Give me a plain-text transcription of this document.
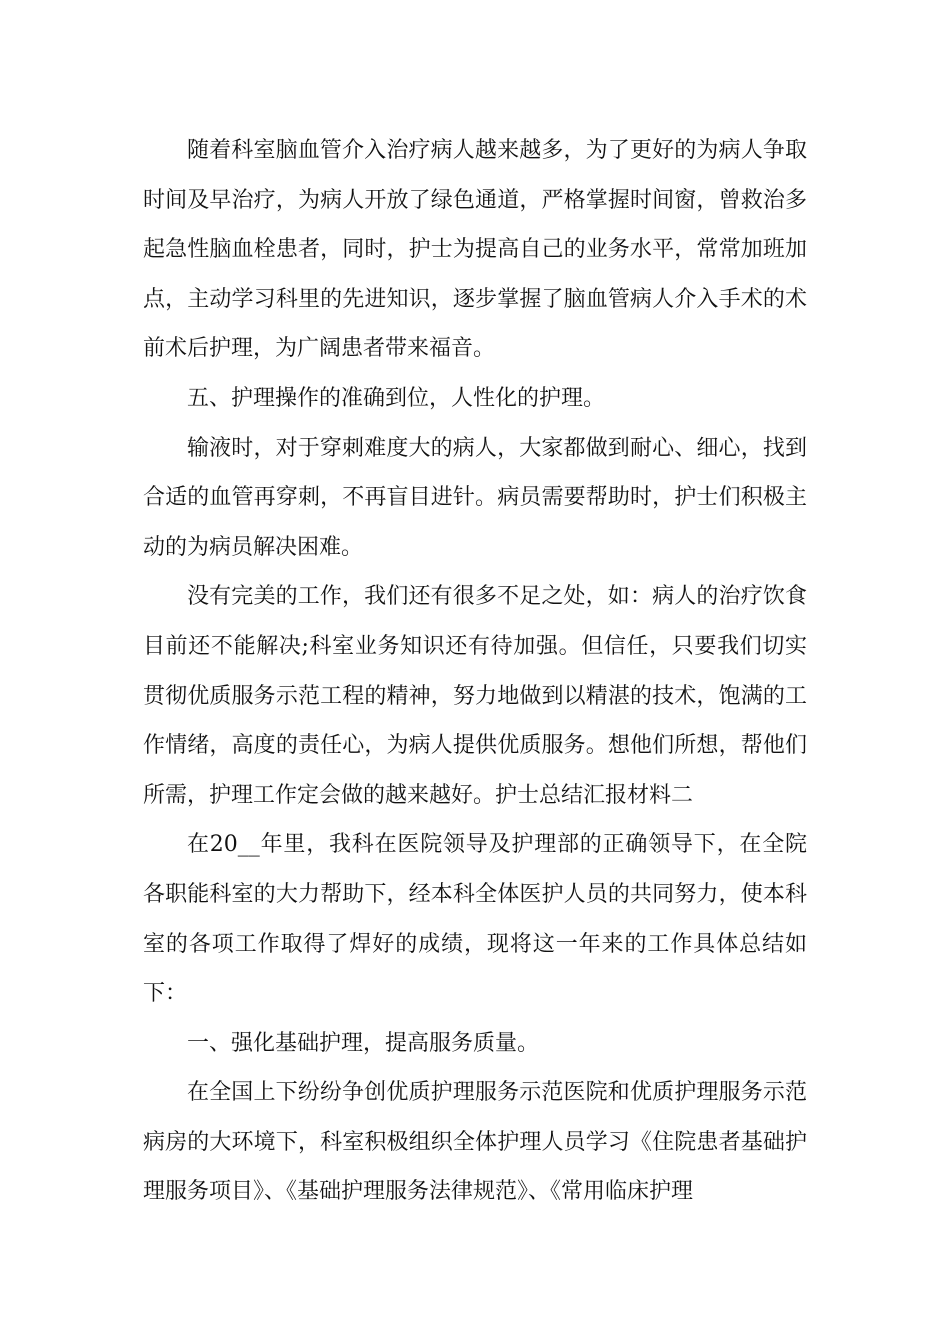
随着科室脑血管介入治疗病人越来越多，为了更好的为病人争取时间及早治疗，为病人开放了绿色通道，严格掌握时间窗，曾救治多起急性脑血栓患者，同时，护士为提高自己的业务水平，常常加班加点，主动学习科里的先进知识，逐步掌握了脑血管病人介入手术的术前术后护理，为广阔患者带来福音。

五、护理操作的准确到位，人性化的护理。

输液时，对于穿刺难度大的病人，大家都做到耐心、细心，找到合适的血管再穿刺，不再盲目进针。病员需要帮助时，护士们积极主动的为病员解决困难。

没有完美的工作，我们还有很多不足之处，如：病人的治疗饮食目前还不能解决;科室业务知识还有待加强。但信任，只要我们切实贯彻优质服务示范工程的精神，努力地做到以精湛的技术，饱满的工作情绪，高度的责任心，为病人提供优质服务。想他们所想，帮他们所需，护理工作定会做的越来越好。护士总结汇报材料二

在20__年里，我科在医院领导及护理部的正确领导下，在全院各职能科室的大力帮助下，经本科全体医护人员的共同努力，使本科室的各项工作取得了焊好的成绩，现将这一年来的工作具体总结如下：

一、强化基础护理，提高服务质量。

在全国上下纷纷争创优质护理服务示范医院和优质护理服务示范病房的大环境下，科室积极组织全体护理人员学习《住院患者基础护理服务项目》、《基础护理服务法律规范》、《常用临床护理
